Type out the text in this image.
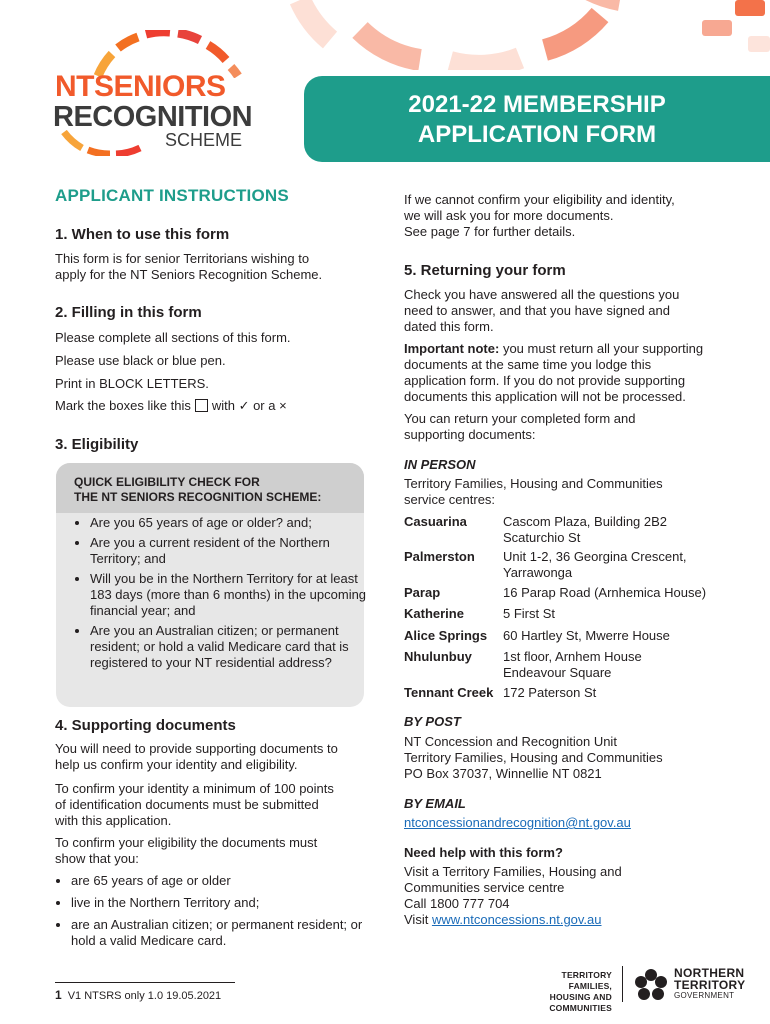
NTSENIORS
RECOGNITION
SCHEME
2021-22 MEMBERSHIP
APPLICATION FORM
APPLICANT INSTRUCTIONS
1. When to use this form
This form is for senior Territorians wishing to
apply for the NT Seniors Recognition Scheme.
2. Filling in this form
Please complete all sections of this form.
Please use black or blue pen.
Print in BLOCK LETTERS.
Mark the boxes like this with ✓ or a ×
3. Eligibility
QUICK ELIGIBILITY CHECK FOR
THE NT SENIORS RECOGNITION SCHEME:
• Are you 65 years of age or older? and;
• Are you a current resident of the Northern Territory; and
• Will you be in the Northern Territory for at least 183 days (more than 6 months) in the upcoming financial year; and
• Are you an Australian citizen; or permanent resident; or hold a valid Medicare card that is registered to your NT residential address?
4. Supporting documents
You will need to provide supporting documents to
help us confirm your identity and eligibility.
To confirm your identity a minimum of 100 points
of identification documents must be submitted
with this application.
To confirm your eligibility the documents must
show that you:
• are 65 years of age or older
• live in the Northern Territory and;
• are an Australian citizen; or permanent resident; or hold a valid Medicare card.
If we cannot confirm your eligibility and identity,
we will ask you for more documents.
See page 7 for further details.
5. Returning your form
Check you have answered all the questions you
need to answer, and that you have signed and
dated this form.
Important note: you must return all your supporting
documents at the same time you lodge this
application form. If you do not provide supporting
documents this application will not be processed.
You can return your completed form and
supporting documents:
IN PERSON
Territory Families, Housing and Communities
service centres:
Casuarina	Cascom Plaza, Building 2B2
Scaturchio St
Palmerston	Unit 1-2, 36 Georgina Crescent,
Yarrawonga
Parap	16 Parap Road (Arnhemica House)
Katherine	5 First St
Alice Springs	60 Hartley St, Mwerre House
Nhulunbuy	1st floor, Arnhem House
Endeavour Square
Tennant Creek 172 Paterson St
BY POST
NT Concession and Recognition Unit
Territory Families, Housing and Communities
PO Box 37037, Winnellie NT 0821
BY EMAIL
ntconcessionandrecognition@nt.gov.au
Need help with this form?
Visit a Territory Families, Housing and
Communities service centre
Call 1800 777 704
Visit www.ntconcessions.nt.gov.au
1 V1 NTSRS only 1.0 19.05.2021
TERRITORY FAMILIES,
HOUSING AND
COMMUNITIES
NORTHERN
TERRITORY
GOVERNMENT
